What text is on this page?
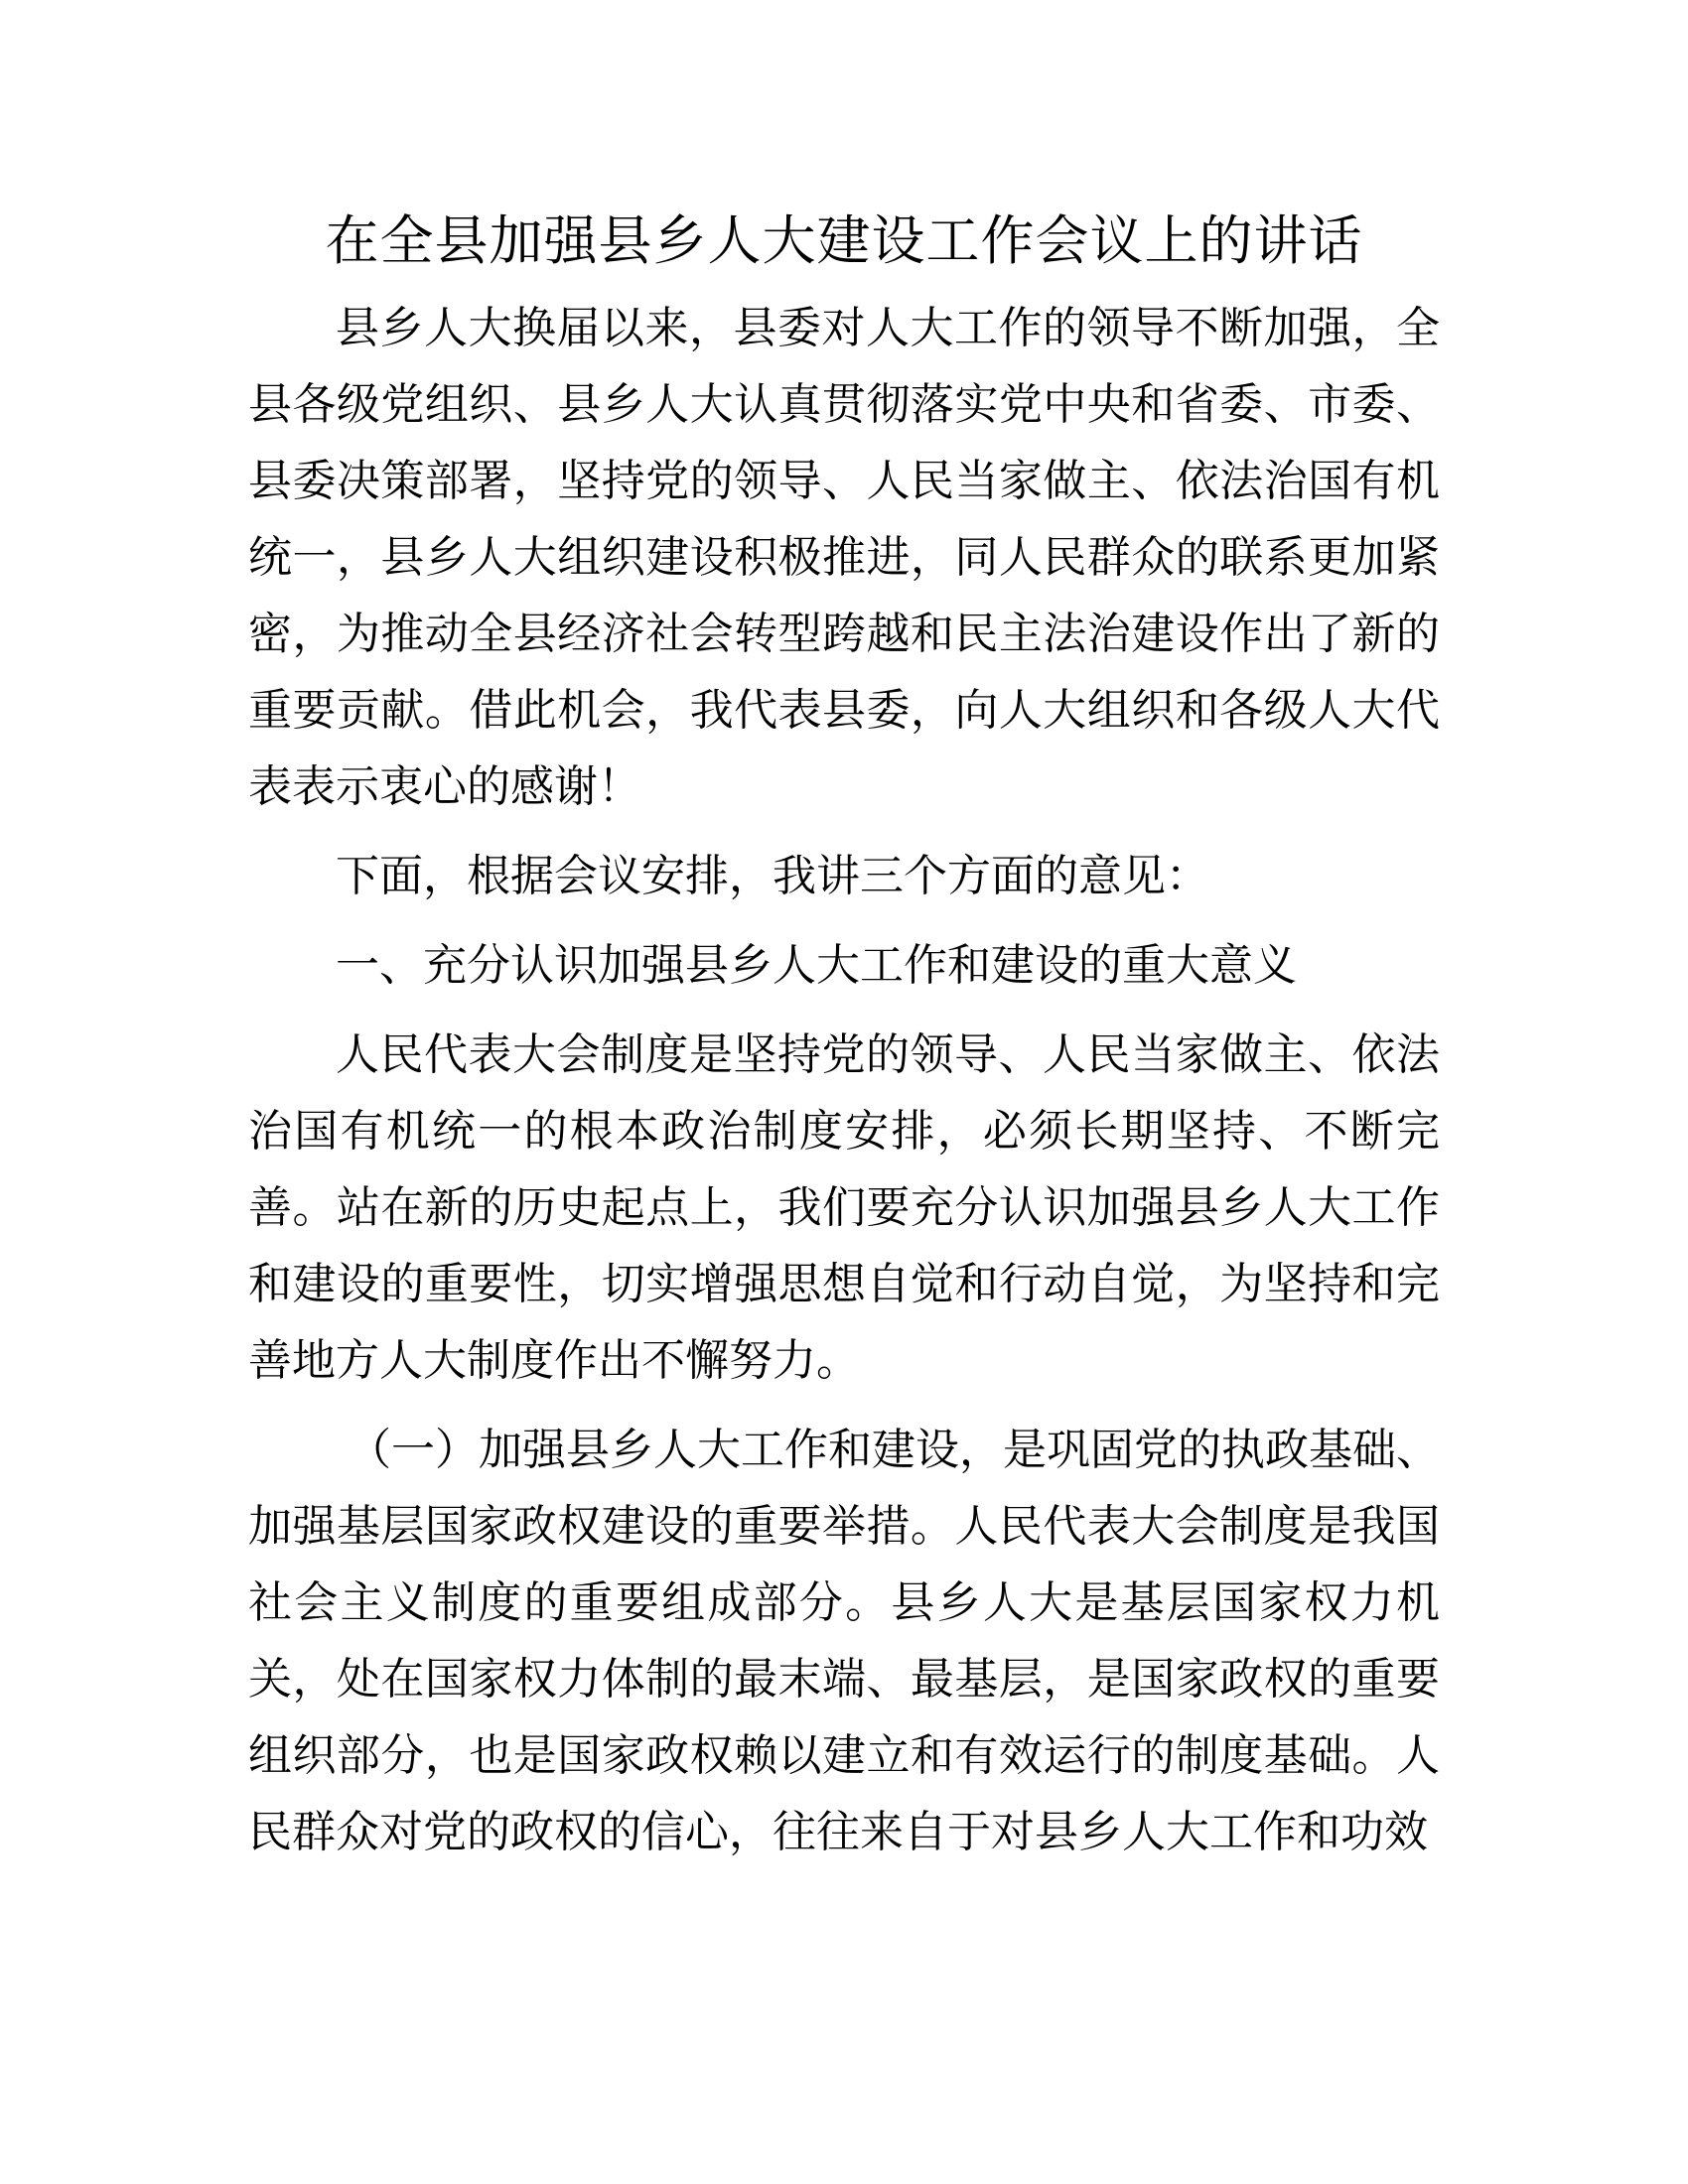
在全县加强县乡人大建设工作会议上的讲话

县乡人大换届以来，县委对人大工作的领导不断加强，全县各级党组织、县乡人大认真贯彻落实党中央和省委、市委、县委决策部署，坚持党的领导、人民当家做主、依法治国有机统一，县乡人大组织建设积极推进，同人民群众的联系更加紧密，为推动全县经济社会转型跨越和民主法治建设作出了新的重要贡献。借此机会，我代表县委，向人大组织和各级人大代表表示衷心的感谢！

下面，根据会议安排，我讲三个方面的意见：

一、充分认识加强县乡人大工作和建设的重大意义

人民代表大会制度是坚持党的领导、人民当家做主、依法治国有机统一的根本政治制度安排，必须长期坚持、不断完善。站在新的历史起点上，我们要充分认识加强县乡人大工作和建设的重要性，切实增强思想自觉和行动自觉，为坚持和完善地方人大制度作出不懈努力。

（一）加强县乡人大工作和建设，是巩固党的执政基础、加强基层国家政权建设的重要举措。人民代表大会制度是我国社会主义制度的重要组成部分。县乡人大是基层国家权力机关，处在国家权力体制的最末端、最基层，是国家政权的重要组织部分，也是国家政权赖以建立和有效运行的制度基础。人民群众对党的政权的信心，往往来自于对县乡人大工作和功效
